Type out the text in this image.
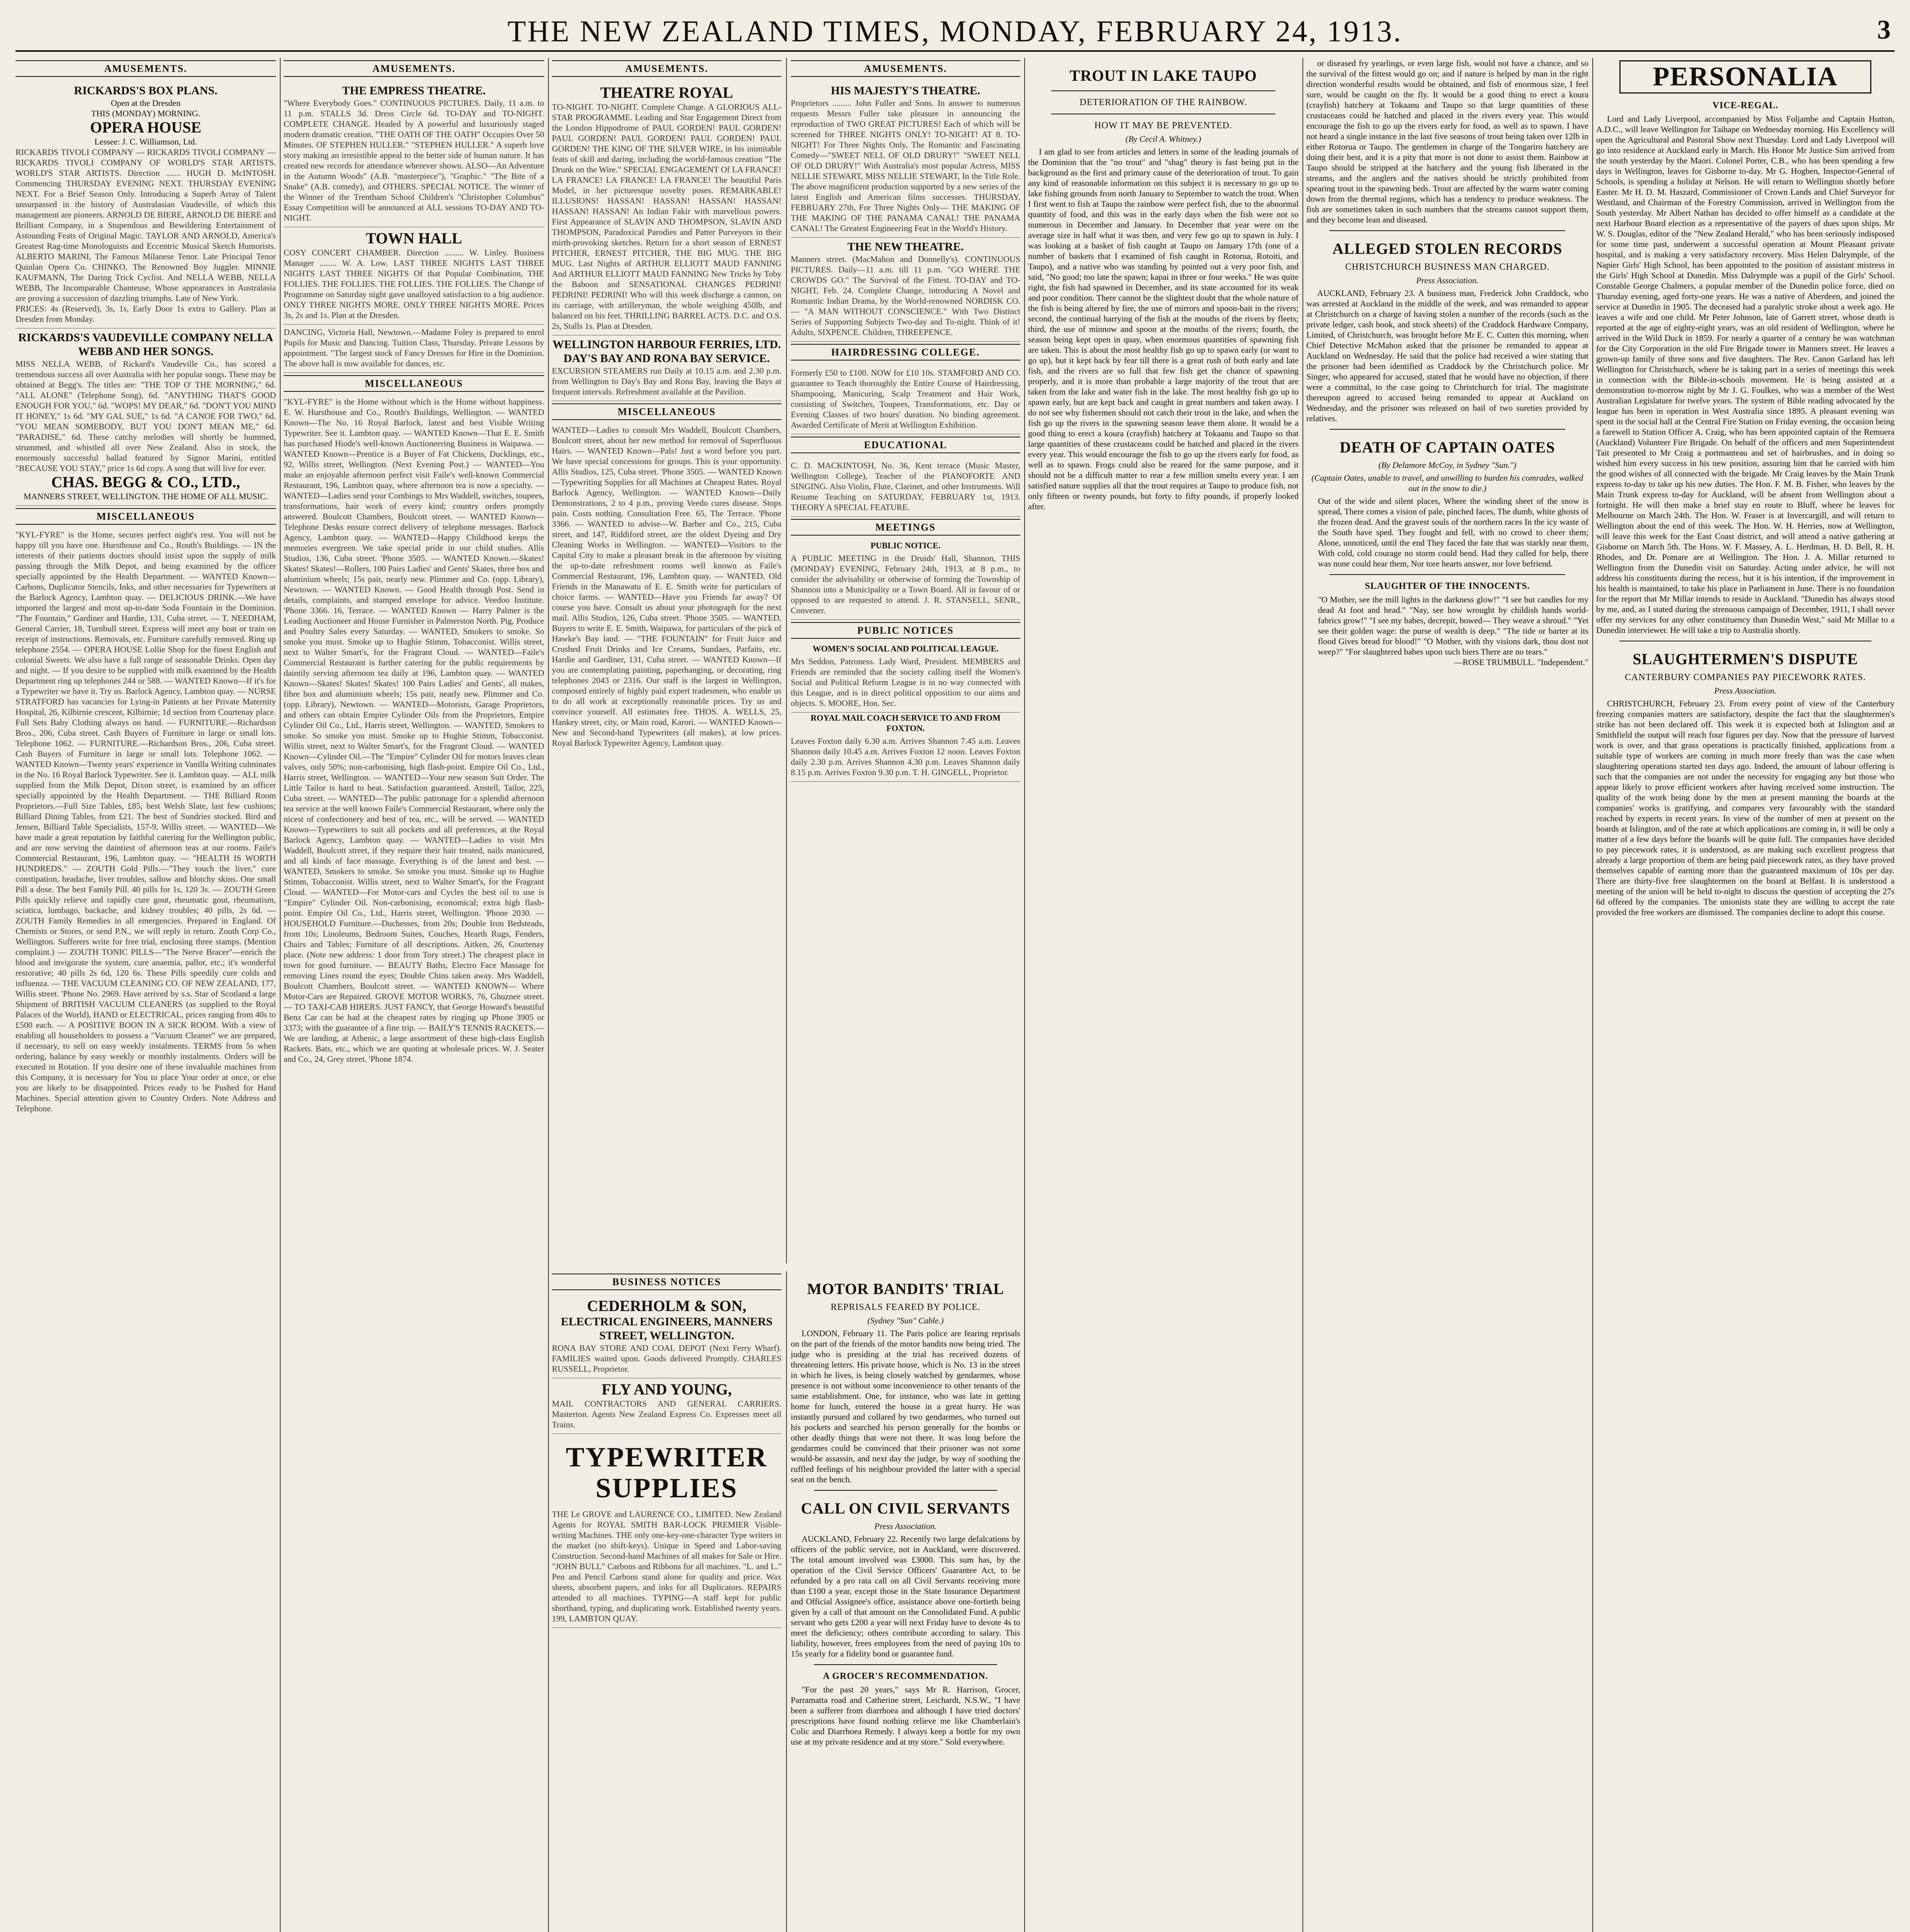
THE NEW ZEALAND TIMES, MONDAY, FEBRUARY 24, 1913.	3
AMUSEMENTS.
RICKARDS'S BOX PLANS.
Open at the Dresden
THIS (MONDAY) MORNING.
OPERA HOUSE
Lessee: J. C. Williamson, Ltd.
RICKARDS TIVOLI COMPANY — RICKARDS TIVOLI COMPANY — RICKARDS TIVOLI COMPANY OF WORLD'S STAR ARTISTS. WORLD'S STAR ARTISTS. Direction ....... HUGH D. McINTOSH. Commencing THURSDAY EVENING NEXT. THURSDAY EVENING NEXT. For a Brief Season Only. Introducing a Superb Array of Talent unsurpassed in the history of Australasian Vaudeville, of which this management are pioneers. ARNOLD DE BIERE, ARNOLD DE BIERE and Brilliant Company, in a Stupendous and Bewildering Entertainment of Astounding Feats of Original Magic. TAYLOR AND ARNOLD, America's Greatest Rag-time Monologuists and Eccentric Musical Sketch Humorists. ALBERTO MARINI, The Famous Milanese Tenor. Late Principal Tenor Quinlan Opera Co. CHINKO, The Renowned Boy Juggler. MINNIE KAUFMANN, The Daring Trick Cyclist. And NELLA WEBB, NELLA WEBB, The Incomparable Chanteuse, Whose appearances in Australasia are proving a succession of dazzling triumphs. Late of New York.
PRICES: 4s (Reserved), 3s, 1s, Early Door 1s extra to Gallery. Plan at Dresden from Monday.
RICKARDS'S VAUDEVILLE COMPANY NELLA WEBB AND HER SONGS.
MISS NELLA WEBB, of Rickard's Vaudeville Co., has scored a tremendous success all over Australia with her popular songs. These may be obtained at Begg's. The titles are: "THE TOP O' THE MORNING," 6d. "ALL ALONE" (Telephone Song), 6d. "ANYTHING THAT'S GOOD ENOUGH FOR YOU," 6d. "WOPS! MY DEAR," 6d. "DON'T YOU MIND IT HONEY," 1s 6d. "MY GAL SUE," 1s 6d. "A CANOE FOR TWO," 6d. "YOU MEAN SOMEBODY, BUT YOU DON'T MEAN ME," 6d. "PARADISE," 6d. These catchy melodies will shortly be hummed, strummed, and whistled all over New Zealand. Also in stock, the enormously successful ballad featured by Signor Marini, entitled "BECAUSE YOU STAY," price 1s 6d copy. A song that will live for ever.
CHAS. BEGG & CO., LTD.,
MANNERS STREET, WELLINGTON. THE HOME OF ALL MUSIC.
MISCELLANEOUS
"KYL-FYRE" is the Home, secures perfect night's rest. You will not be happy till you have one. Hursthouse and Co., Routh's Buildings. — IN the interests of their patients doctors should insist upon the supply of milk passing through the Milk Depot, and being examined by the officer specially appointed by the Health Department. — WANTED Known—Carbons, Duplicator Stencils, Inks, and other necessaries for Typewriters at the Barlock Agency, Lambton quay. — DELICIOUS DRINK.—We have imported the largest and most up-to-date Soda Fountain in the Dominion. "The Fountain," Gardiner and Hardie, 131, Cuba street. — T. NEEDHAM, General Carrier, 18, Turnbull street. Express will meet any boat or train on receipt of instructions. Removals, etc. Furniture carefully removed. Ring up telephone 2554. — OPERA HOUSE Lollie Shop for the finest English and colonial Sweets. We also have a full range of seasonable Drinks. Open day and night. — If you desire to be supplied with milk examined by the Health Department ring up telephones 244 or 588. — WANTED Known—If it's for a Typewriter we have it. Try us. Barlock Agency, Lambton quay. — NURSE STRATFORD has vacancies for Lying-in Patients at her Private Maternity Hospital, 26, Kilbirnie crescent, Kilbirnie; 1d section from Courtenay place. Full Sets Baby Clothing always on hand. — FURNITURE.—Richardson Bros., 206, Cuba street. Cash Buyers of Furniture in large or small lots. Telephone 1062. — FURNITURE.—Richardson Bros., 206, Cuba street. Cash Buyers of Furniture in large or small lots. Telephone 1062. — WANTED Known—Twenty years' experience in Vanilla Writing culminates in the No. 16 Royal Barlock Typewriter. See it. Lambton quay. — ALL milk supplied from the Milk Depot, Dixon street, is examined by an officer specially appointed by the Health Department. — THE Billiard Room Proprietors.—Full Size Tables, £85, best Welsh Slate, last few cushions; Billiard Dining Tables, from £21. The best of Sundries stocked. Bird and Jensen, Billiard Table Specialists, 157-9, Willis street. — WANTED—We have made a great reputation by faithful catering for the Wellington public, and are now serving the daintiest of afternoon teas at our rooms. Faile's Commercial Restaurant, 196, Lambton quay. — "HEALTH IS WORTH HUNDREDS." — ZOUTH Gold Pills.—"They touch the liver," cure constipation, headache, liver troubles, sallow and blotchy skins. One small Pill a dose. The best Family Pill. 40 pills for 1s, 120 3s. — ZOUTH Green Pills quickly relieve and rapidly cure gout, rheumatic gout, rheumatism, sciatica, lumbago, backache, and kidney troubles; 40 pills, 2s 6d. — ZOUTH Family Remedies in all emergencies. Prepared in England. Of Chemists or Stores, or send P.N., we will reply in return. Zouth Corp Co., Wellington. Sufferers write for free trial, enclosing three stamps. (Mention complaint.) — ZOUTH TONIC PILLS—"The Nerve Bracer"—enrich the blood and invigorate the system, cure anaemia, pallor, etc.; it's wonderful restorative; 40 pills 2s 6d, 120 6s. These Pills speedily cure colds and influenza. — THE VACUUM CLEANING CO. OF NEW ZEALAND, 177, Willis street. 'Phone No. 2969. Have arrived by s.s. Star of Scotland a large Shipment of BRITISH VACUUM CLEANERS (as supplied to the Royal Palaces of the World), HAND or ELECTRICAL, prices ranging from 40s to £500 each. — A POSITIVE BOON IN A SICK ROOM. With a view of enabling all householders to possess a "Vacuum Cleaner" we are prepared, if necessary, to sell on easy weekly instalments. TERMS from 5s when ordering, balance by easy weekly or monthly instalments. Orders will be executed in Rotation. If you desire one of these invaluable machines from this Company, it is necessary for You to place Your order at once, or else you are likely to be disappointed. Prices ready to be Pushed for Hand Machines. Special attention given to Country Orders. Note Address and Telephone.
AMUSEMENTS.
THE EMPRESS THEATRE.
"Where Everybody Goes." CONTINUOUS PICTURES. Daily, 11 a.m. to 11 p.m. STALLS 3d. Dress Circle 6d. TO-DAY and TO-NIGHT. COMPLETE CHANGE. Headed by A powerful and luxuriously staged modern dramatic creation. "THE OATH OF THE OATH" Occupies Over 50 Minutes. OF STEPHEN HULLER." "STEPHEN HULLER." A superb love story making an irresistible appeal to the better side of human nature. It has created new records for attendance wherever shown. ALSO—An Adventure in the Autumn Woods" (A.B. "masterpiece"), "Graphic." "The Bite of a Snake" (A.B. comedy), and OTHERS. SPECIAL NOTICE. The winner of the Winner of the Trentham School Children's "Christopher Columbus" Essay Competition will be announced at ALL sessions TO-DAY AND TO-NIGHT.
TOWN HALL
COSY CONCERT CHAMBER. Direction ......... W. Linley. Business Manager ........ W. A. Low. LAST THREE NIGHTS LAST THREE NIGHTS LAST THREE NIGHTS Of that Popular Combination, THE FOLLIES. THE FOLLIES. THE FOLLIES. THE FOLLIES. The Change of Programme on Saturday night gave unalloyed satisfaction to a big audience. ONLY THREE NIGHTS MORE. ONLY THREE NIGHTS MORE. Prices 3s, 2s and 1s. Plan at the Dresden.
DANCING, Victoria Hall, Newtown.—Madame Foley is prepared to enrol Pupils for Music and Dancing. Tuition Class, Thursday. Private Lessons by appointment. "The largest stock of Fancy Dresses for Hire in the Dominion. The above hall is now available for dances, etc.
MISCELLANEOUS
"KYL-FYRE" is the Home without which is the Home without happiness. E. W. Hursthouse and Co., Routh's Buildings, Wellington. — WANTED Known—The No. 16 Royal Barlock, latest and best Visible Writing Typewriter. See it. Lambton quay. — WANTED Known—That E. E. Smith has purchased Hiode's well-known Auctioneering Business in Waipawa. — WANTED Known—Prentice is a Buyer of Fat Chickens, Ducklings, etc., 92, Willis street, Wellington. (Next Evening Post.) — WANTED—You make an enjoyable afternoon perfect visit Faile's well-known Commercial Restaurant, 196, Lambton quay, where afternoon tea is now a specialty. — WANTED—Ladies send your Combings to Mrs Waddell, switches, toupees, transformations, hair work of every kind; country orders promptly answered. Boulcott Chambers, Boulcott street. — WANTED Known—Telephone Desks ensure correct delivery of telephone messages. Barlock Agency, Lambton quay. — WANTED—Happy Childhood keeps the memories evergreen. We take special pride in our child studies. Allis Studios, 136, Cuba street. 'Phone 3505. — WANTED Known.—Skates! Skates! Skates!—Rollers, 100 Pairs Ladies' and Gents' Skates, three box and aluminium wheels; 15s pair, nearly new. Plimmer and Co. (opp. Library), Newtown. — WANTED Known. — Good Health through Post. Send in details, complaints, and stamped envelope for advice. Veedoo Institute. 'Phone 3366. 16, Terrace. — WANTED Known — Harry Palmer is the Leading Auctioneer and House Furnisher in Palmerston North. Pig, Produce and Poultry Sales every Saturday. — WANTED, Smokers to smoke. So smoke you must. Smoke up to Hughie Stimm, Tobacconist. Willis street, next to Walter Smart's, for the Fragrant Cloud. — WANTED—Faile's Commercial Restaurant is further catering for the public requirements by daintily serving afternoon tea daily at 196, Lambton quay. — WANTED Known—Skates! Skates! Skates! 100 Pairs Ladies' and Gents', all makes, fibre box and aluminium wheels; 15s pair, nearly new. Plimmer and Co. (opp. Library), Newtown. — WANTED—Motorists, Garage Proprietors, and others can obtain Empire Cylinder Oils from the Proprietors, Empire Cylinder Oil Co., Ltd., Harris street, Wellington. — WANTED, Smokers to smoke. So smoke you must. Smoke up to Hughie Stimm, Tobacconist. Willis street, next to Walter Smart's, for the Fragrant Cloud. — WANTED Known—Cylinder Oil.—The "Empire" Cylinder Oil for motors leaves clean valves, only 50%; non-carbonising, high flash-point. Empire Oil Co., Ltd., Harris street, Wellington. — WANTED—Your new season Suit Order. The Little Tailor is hard to beat. Satisfaction guaranteed. Anstell, Tailor, 225, Cuba street. — WANTED—The public patronage for a splendid afternoon tea service at the well known Faile's Commercial Restaurant, where only the nicest of confectionery and best of tea, etc., will be served. — WANTED Known—Typewriters to suit all pockets and all preferences, at the Royal Barlock Agency, Lambton quay. — WANTED—Ladies to visit Mrs Waddell, Boulcott street, if they require their hair treated, nails manicured, and all kinds of face massage. Everything is of the latest and best. — WANTED, Smokers to smoke. So smoke you must. Smoke up to Hughie Stimm, Tobacconist. Willis street, next to Walter Smart's, for the Fragrant Cloud. — WANTED—For Motor-cars and Cycles the best oil to use is "Empire" Cylinder Oil. Non-carbonising, economical; extra high flash-point. Empire Oil Co., Ltd., Harris street, Wellington. 'Phone 2030. — HOUSEHOLD Furniture.—Duchesses, from 20s; Double Iron Bedsteads, from 10s; Linoleums, Bedroom Suites, Couches, Hearth Rugs, Fenders, Chairs and Tables; Furniture of all descriptions. Aitken, 26, Courtenay place. (Note new address: 1 door from Tory street.) The cheapest place in town for good furniture. — BEAUTY Baths, Electro Face Massage for removing Lines round the eyes; Double Chins taken away. Mrs Waddell, Boulcott Chambers, Boulcott street. — WANTED KNOWN— Where Motor-Cars are Repaired. GROVE MOTOR WORKS, 76, Ghuznee street. — TO TAXI-CAB HIRERS. JUST FANCY, that George Howard's beautiful Benz Car can be had at the cheapest rates by ringing up Phone 3905 or 3373; with the guarantee of a fine trip. — BAILY'S TENNIS RACKETS.—We are landing, at Athenic, a large assortment of these high-class English Rackets. Bats, etc., which we are quoting at wholesale prices. W. J. Seater and Co., 24, Grey street. 'Phone 1874.
AMUSEMENTS.
THEATRE ROYAL
TO-NIGHT. TO-NIGHT. Complete Change. A GLORIOUS ALL-STAR PROGRAMME. Leading and Star Engagement Direct from the London Hippodrome of PAUL GORDEN! PAUL GORDEN! PAUL GORDEN! PAUL GORDEN! PAUL GORDEN! PAUL GORDEN! THE KING OF THE SILVER WIRE, in his inimitable feats of skill and daring, including the world-famous creation "The Drunk on the Wire." SPECIAL ENGAGEMENT Of LA FRANCE! LA FRANCE! LA FRANCE! LA FRANCE! The beautiful Paris Model, in her picturesque novelty poses. REMARKABLE! ILLUSIONS! HASSAN! HASSAN! HASSAN! HASSAN! HASSAN! HASSAN! An Indian Fakir with marvellous powers. First Appearance of SLAVIN AND THOMPSON, SLAVIN AND THOMPSON, Paradoxical Parodies and Patter Purveyors in their mirth-provoking sketches. Return for a short season of ERNEST PITCHER, ERNEST PITCHER, THE BIG MUG. THE BIG MUG. Last Nights of ARTHUR ELLIOTT MAUD FANNING And ARTHUR ELLIOTT MAUD FANNING New Tricks by Toby the Baboon and SENSATIONAL CHANGES PEDRINI! PEDRINI! PEDRINI! Who will this week discharge a cannon, on its carriage, with artilleryman, the whole weighing 450lb, and balanced on his feet. THRILLING BARREL ACTS. D.C. and O.S. 2s, Stalls 1s. Plan at Dresden.
WELLINGTON HARBOUR FERRIES, LTD.
DAY'S BAY AND RONA BAY SERVICE.
EXCURSION STEAMERS run Daily at 10.15 a.m. and 2.30 p.m. from Wellington to Day's Bay and Rona Bay, leaving the Bays at frequent intervals. Refreshment available at the Pavilion.
MISCELLANEOUS
WANTED—Ladies to consult Mrs Waddell, Boulcott Chambers, Boulcott street, about her new method for removal of Superfluous Hairs. — WANTED Known—Pals! Just a word before you part. We have special concessions for groups. This is your opportunity. Allis Studios, 125, Cuba street. 'Phone 3505. — WANTED Known—Typewriting Supplies for all Machines at Cheapest Rates. Royal Barlock Agency, Wellington. — WANTED Known—Daily Demonstrations, 2 to 4 p.m., proving Veedo cures disease. Stops pain. Costs nothing. Consultation Free. 65, The Terrace. 'Phone 3366. — WANTED to advise—W. Barber and Co., 215, Cuba street, and 147, Riddiford street, are the oldest Dyeing and Dry Cleaning Works in Wellington. — WANTED—Visitors to the Capital City to make a pleasant break in the afternoon by visiting the up-to-date refreshment rooms well known as Faile's Commercial Restaurant, 196, Lambton quay. — WANTED, Old Friends in the Manawatu of E. E. Smith write for particulars of choice farms. — WANTED—Have you Friends far away? Of course you have. Consult us about your photograph for the next mail. Allis Studios, 126, Cuba street. 'Phone 3505. — WANTED, Buyers to write E. E. Smith, Waipawa, for particulars of the pick of Hawke's Bay land. — "THE FOUNTAIN" for Fruit Juice and Crushed Fruit Drinks and Ice Creams, Sundaes, Parfaits, etc. Hardie and Gardiner, 131, Cuba street. — WANTED Known—If you are contemplating painting, paperhanging, or decorating, ring telephones 2043 or 2316. Our staff is the largest in Wellington, composed entirely of highly paid expert tradesmen, who enable us to do all work at exceptionally reasonable prices. Try us and convince yourself. All estimates free. THOS. A. WELLS, 25, Hankey street, city, or Main road, Karori. — WANTED Known—New and Second-hand Typewriters (all makes), at low prices. Royal Barlock Typewriter Agency, Lambton quay.
AMUSEMENTS.
HIS MAJESTY'S THEATRE.
Proprietors ......... John Fuller and Sons. In answer to numerous requests Messrs Fuller take pleasure in announcing the reproduction of TWO GREAT PICTURES! Each of which will be screened for THREE NIGHTS ONLY! TO-NIGHT! AT 8. TO-NIGHT! For Three Nights Only, The Romantic and Fascinating Comedy—"SWEET NELL OF OLD DRURY!" "SWEET NELL OF OLD DRURY!" With Australia's most popular Actress, MISS NELLIE STEWART, MISS NELLIE STEWART, In the Title Role. The above magnificent production supported by a new series of the latest English and American films successes. THURSDAY, FEBRUARY 27th, For Three Nights Only— THE MAKING OF THE MAKING OF THE PANAMA CANAL! THE PANAMA CANAL! The Greatest Engineering Feat in the World's History.
THE NEW THEATRE.
Manners street. (MacMahon and Donnelly's). CONTINUOUS PICTURES. Daily—11 a.m. till 11 p.m. "GO WHERE THE CROWDS GO." The Survival of the Fittest. TO-DAY and TO-NIGHT, Feb. 24. Complete Change, introducing A Novel and Romantic Indian Drama, by the World-renowned NORDISK CO.— "A MAN WITHOUT CONSCIENCE." With Two Distinct Series of Supporting Subjects Two-day and To-night. Think of it! Adults, SIXPENCE. Children, THREEPENCE.
HAIRDRESSING COLLEGE.
Formerly £50 to £100. NOW for £10 10s. STAMFORD AND CO. guarantee to Teach thoroughly the Entire Course of Hairdressing, Shampooing, Manicuring, Scalp Treatment and Hair Work, consisting of Switches, Toupees, Transformations, etc. Day or Evening Classes of two hours' duration. No binding agreement. Awarded Certificate of Merit at Wellington Exhibition.
EDUCATIONAL
C. D. MACKINTOSH, No. 36, Kent terrace (Music Master, Wellington College), Teacher of the PIANOFORTE AND SINGING. Also Violin, Flute, Clarinet, and other Instruments. Will Resume Teaching on SATURDAY, FEBRUARY 1st, 1913. THEORY A SPECIAL FEATURE.
MEETINGS
PUBLIC NOTICE.
A PUBLIC MEETING in the Druids' Hall, Shannon, THIS (MONDAY) EVENING, February 24th, 1913, at 8 p.m., to consider the advisability or otherwise of forming the Township of Shannon into a Municipality or a Town Board. All in favour of or opposed to are requested to attend. J. R. STANSELL, SENR., Convener.
PUBLIC NOTICES
WOMEN'S SOCIAL AND POLITICAL LEAGUE.
Mrs Seddon, Patroness. Lady Ward, President. MEMBERS and Friends are reminded that the society calling itself the Women's Social and Political Reform League is in no way connected with this League, and is in direct political opposition to our aims and objects. S. MOORE, Hon. Sec.
ROYAL MAIL COACH SERVICE TO AND FROM FOXTON.
Leaves Foxton daily 6.30 a.m. Arrives Shannon 7.45 a.m. Leaves Shannon daily 10.45 a.m. Arrives Foxton 12 noon. Leaves Foxton daily 2.30 p.m. Arrives Shannon 4.30 p.m. Leaves Shannon daily 8.15 p.m. Arrives Foxton 9.30 p.m. T. H. GINGELL, Proprietor.
BUSINESS NOTICES
CEDERHOLM & SON,
ELECTRICAL ENGINEERS, MANNERS STREET, WELLINGTON.
RONA BAY STORE AND COAL DEPOT (Next Ferry Wharf). FAMILIES waited upon. Goods delivered Promptly. CHARLES RUSSELL, Proprietor.
FLY AND YOUNG,
MAIL CONTRACTORS AND GENERAL CARRIERS. Masterton. Agents New Zealand Express Co. Expresses meet all Trains.
TYPEWRITER SUPPLIES
THE Le GROVE and LAURENCE CO., LIMITED. New Zealand Agents for ROYAL SMITH BAR-LOCK PREMIER Visible-writing Machines. THE only one-key-one-character Type writers in the market (no shift-keys). Unique in Speed and Labor-saving Construction. Second-hand Machines of all makes for Sale or Hire. "JOHN BULL" Carbons and Ribbons for all machines. "L. and L." Pen and Pencil Carbons stand alone for quality and price. Wax sheets, absorbent papers, and inks for all Duplicators. REPAIRS attended to all machines. TYPING—A staff kept for public shorthand, typing, and duplicating work. Established twenty years. 199, LAMBTON QUAY.
MOTOR BANDITS' TRIAL
REPRISALS FEARED BY POLICE.
(Sydney "Sun" Cable.)

LONDON, February 11. The Paris police are fearing reprisals on the part of the friends of the motor bandits now being tried. The judge who is presiding at the trial has received dozens of threatening letters. His private house, which is No. 13 in the street in which he lives, is being closely watched by gendarmes, whose presence is not without some inconvenience to other tenants of the same establishment. One, for instance, who was late in getting home for lunch, entered the house in a great hurry. He was instantly pursued and collared by two gendarmes, who turned out his pockets and searched his person generally for the bombs or other deadly things that were not there. It was long before the gendarmes could be convinced that their prisoner was not some would-be assassin, and next day the judge, by way of soothing the ruffled feelings of his neighbour provided the latter with a special seat on the bench.

CALL ON CIVIL SERVANTS
Press Association.

AUCKLAND, February 22. Recently two large defalcations by officers of the public service, not in Auckland, were discovered. The total amount involved was £3000. This sum has, by the operation of the Civil Service Officers' Guarantee Act, to be refunded by a pro rata call on all Civil Servants receiving more than £100 a year, except those in the State Insurance Department and Official Assignee's office, assistance above one-fortieth being given by a call of that amount on the Consolidated Fund. A public servant who gets £200 a year will next Friday have to devote 4s to meet the deficiency; others contribute according to salary. This liability, however, frees employees from the need of paying 10s to 15s yearly for a fidelity bond or guarantee fund.

A GROCER'S RECOMMENDATION.

"For the past 20 years," says Mr R. Harrison, Grocer, Parramatta road and Catherine street, Leichardt, N.S.W., "I have been a sufferer from diarrhoea and although I have tried doctors' prescriptions have found nothing relieve me like Chamberlain's Colic and Diarrhoea Remedy. I always keep a bottle for my own use at my private residence and at my store." Sold everywhere.

TROUT IN LAKE TAUPO
DETERIORATION OF THE RAINBOW.
HOW IT MAY BE PREVENTED.
(By Cecil A. Whitney.)

I am glad to see from articles and letters in some of the leading journals of the Dominion that the "no trout" and "shag" theory is fast being put in the background as the first and primary cause of the deterioration of trout. To gain any kind of reasonable information on this subject it is necessary to go up to lake fishing grounds from north January to September to watch the trout. When I first went to fish at Taupo the rainbow were perfect fish, due to the abnormal quantity of food, and this was in the early days when the fish were not so numerous in December and January. In December that year were on the average size in half what it was then, and very few go up to spawn in July. I was looking at a basket of fish caught at Taupo on January 17th (one of a number of baskets that I examined of fish caught in Rotorua, Rotoiti, and Taupo), and a native who was standing by pointed out a very poor fish, and said, "No good; too late the spawn; kapai in three or four weeks." He was quite right, the fish had spawned in December, and its state accounted for its weak and poor condition. There cannot be the slightest doubt that the whole nature of the fish is being altered by fire, the use of mirrors and spoon-bait in the rivers; second, the continual harrying of the fish at the mouths of the rivers by fleets; third, the use of minnow and spoon at the mouths of the rivers; fourth, the season being kept open in quay, when enormous quantities of spawning fish are taken. This is about the most healthy fish go up to spawn early (or want to go up), but it kept back by fear till there is a great rush of both early and late fish, and the rivers are so full that few fish get the chance of spawning properly, and it is more than probable a large majority of the trout that are taken from the lake and water fish in the lake. The most healthy fish go up to spawn early, but are kept back and caught in great numbers and taken away. I do not see why fishermen should not catch their trout in the lake, and when the fish go up the rivers in the spawning season leave them alone. It would be a good thing to erect a koura (crayfish) hatchery at Tokaanu and Taupo so that large quantities of these crustaceans could be hatched and placed in the rivers every year. This would encourage the fish to go up the rivers early for food, as well as to spawn. Frogs could also be reared for the same purpose, and it should not be a difficult matter to rear a few million smelts every year. I am satisfied nature supplies all that the trout requires at Taupo to produce fish, not only fifteen or twenty pounds, but forty to fifty pounds, if properly looked after.

or diseased fry yearlings, or even large fish, would not have a chance, and so the survival of the fittest would go on; and if nature is helped by man in the right direction wonderful results would be obtained, and fish of enormous size, I feel sure, would be caught on the fly. It would be a good thing to erect a koura (crayfish) hatchery at Tokaanu and Taupo so that large quantities of these crustaceans could be hatched and placed in the rivers every year. This would encourage the fish to go up the rivers early for food, as well as to spawn. I have not heard a single instance in the last five seasons of trout being taken over 12lb in either Rotorua or Taupo. The gentlemen in charge of the Tongariro hatchery are doing their best, and it is a pity that more is not done to assist them. Rainbow at Taupo should be stripped at the hatchery and the young fish liberated in the streams, and the anglers and the natives should be strictly prohibited from spearing trout in the spawning beds. Trout are affected by the warm water coming down from the thermal regions, which has a tendency to produce weakness. The fish are sometimes taken in such numbers that the streams cannot support them, and they become lean and diseased.

ALLEGED STOLEN RECORDS
CHRISTCHURCH BUSINESS MAN CHARGED.
Press Association.

AUCKLAND, February 23. A business man, Frederick John Craddock, who was arrested at Auckland in the middle of the week, and was remanded to appear at Christchurch on a charge of having stolen a number of the records (such as the private ledger, cash book, and stock sheets) of the Craddock Hardware Company, Limited, of Christchurch, was brought before Mr E. C. Cutten this morning, when Chief Detective McMahon asked that the prisoner be remanded to appear at Auckland on Wednesday. He said that the police had received a wire stating that the prisoner had been identified as Craddock by the Christchurch police. Mr Singer, who appeared for accused, stated that he would have no objection, if there were a committal, to the case going to Christchurch for trial. The magistrate thereupon agreed to accused being remanded to appear at Auckland on Wednesday, and the prisoner was released on bail of two sureties provided by relatives.

DEATH OF CAPTAIN OATES
(By Delamore McCoy, in Sydney "Sun.")
(Captain Oates, unable to travel, and unwilling to burden his comrades, walked out in the snow to die.)

Out of the wide and silent places, Where the winding sheet of the snow is spread, There comes a vision of pale, pinched faces, The dumb, white ghosts of the frozen dead. And the gravest souls of the northern races In the icy waste of the South have sped. They fought and fell, with no crowd to cheer them; Alone, unnoticed, until the end They faced the fate that was starkly near them, With cold, cold courage no storm could bend. Had they called for help, there was none could hear them, Nor tore hearts answer, nor love befriend.

SLAUGHTER OF THE INNOCENTS.

"O Mother, see the mill lights in the darkness glow!" "I see but candles for my dead At foot and head." "Nay, see how wrought by childish hands world-fabrics grow!" "I see my babes, decrepit, bowed— They weave a shroud." "Yet see their golden wage: the purse of wealth is deep." "The tide or barter at its flood Gives bread for blood!" "O Mother, with thy visions dark, thou dost not weep?" "For slaughtered babes upon such biers There are no tears."

—ROSE TRUMBULL. "Independent."
PERSONALIA
VICE-REGAL.

Lord and Lady Liverpool, accompanied by Miss Foljambe and Captain Hutton, A.D.C., will leave Wellington for Taihape on Wednesday morning. His Excellency will open the Agricultural and Pastoral Show next Thursday. Lord and Lady Liverpool will go into residence at Auckland early in March. His Honor Mr Justice Sim arrived from the south yesterday by the Maori. Colonel Porter, C.B., who has been spending a few days in Wellington, leaves for Gisborne to-day. Mr G. Hogben, Inspector-General of Schools, is spending a holiday at Nelson. He will return to Wellington shortly before Easter. Mr H. D. M. Haszard, Commissioner of Crown Lands and Chief Surveyor for Westland, and Chairman of the Forestry Commission, arrived in Wellington from the South yesterday. Mr Albert Nathan has decided to offer himself as a candidate at the next Harbour Board election as a representative of the payers of dues upon ships. Mr W. S. Douglas, editor of the "New Zealand Herald," who has been seriously indisposed for some time past, underwent a successful operation at Mount Pleasant private hospital, and is making a very satisfactory recovery. Miss Helen Dalrymple, of the Napier Girls' High School, has been appointed to the position of assistant mistress in the Girls' High School at Dunedin. Miss Dalrymple was a pupil of the Girls' School. Constable George Chalmers, a popular member of the Dunedin police force, died on Thursday evening, aged forty-one years. He was a native of Aberdeen, and joined the service at Dunedin in 1905. The deceased had a paralytic stroke about a week ago. He leaves a wife and one child. Mr Peter Johnson, late of Garrett street, whose death is reported at the age of eighty-eight years, was an old resident of Wellington, where he arrived in the Wild Duck in 1859. For nearly a quarter of a century he was watchman for the City Corporation in the old Fire Brigade tower in Manners street. He leaves a grown-up family of three sons and five daughters. The Rev. Canon Garland has left Wellington for Christchurch, where he is taking part in a series of meetings this week in connection with the Bible-in-schools movement. He is being assisted at a demonstration to-morrow night by Mr J. G. Foulkes, who was a member of the West Australian Legislature for twelve years. The system of Bible reading advocated by the league has been in operation in West Australia since 1895. A pleasant evening was spent in the social hall at the Central Fire Station on Friday evening, the occasion being a farewell to Station Officer A. Craig, who has been appointed captain of the Remuera (Auckland) Volunteer Fire Brigade. On behalf of the officers and men Superintendent Tait presented to Mr Craig a portmanteau and set of hairbrushes, and in doing so wished him every success in his new position, assuring him that he carried with him the good wishes of all connected with the brigade. Mr Craig leaves by the Main Trunk express to-day to take up his new duties. The Hon. F. M. B. Fisher, who leaves by the Main Trunk express to-day for Auckland, will be absent from Wellington about a fortnight. He will then make a brief stay en route to Bluff, where he leaves for Melbourne on March 24th. The Hon. W. Fraser is at Invercargill, and will return to Wellington about the end of this week. The Hon. W. H. Herries, now at Wellington, will leave this week for the East Coast district, and will attend a native gathering at Gisborne on March 5th. The Hons. W. F. Massey, A. L. Herdman, H. D. Bell, R. H. Rhodes, and Dr. Pomare are at Wellington. The Hon. J. A. Millar returned to Wellington from the Dunedin visit on Saturday. Acting under advice, he will not address his constituents during the recess, but it is his intention, if the improvement in his health is maintained, to take his place in Parliament in June. There is no foundation for the report that Mr Millar intends to reside in Auckland. "Dunedin has always stood by me, and, as I stated during the strenuous campaign of December, 1911, I shall never offer my services for any other constituency than Dunedin West," said Mr Millar to a Dunedin interviewer. He will take a trip to Australia shortly.

SLAUGHTERMEN'S DISPUTE
CANTERBURY COMPANIES PAY PIECEWORK RATES.
Press Association.

CHRISTCHURCH, February 23. From every point of view of the Canterbury freezing companies matters are satisfactory, despite the fact that the slaughtermen's strike has not been declared off. This week it is expected both at Islington and at Smithfield the output will reach four figures per day. Now that the pressure of harvest work is over, and that grass operations is practically finished, applications from a suitable type of workers are coming in much more freely than was the case when slaughtering operations started ten days ago. Indeed, the amount of labour offering is such that the companies are not under the necessity for engaging any but those who appear likely to prove efficient workers after having received some instruction. The quality of the work being done by the men at present manning the boards at the companies' works is gratifying, and compares very favourably with the standard reached by experts in recent years. In view of the number of men at present on the boards at Islington, and of the rate at which applications are coming in, it will be only a matter of a few days before the boards will be quite full. The companies have decided to pay piecework rates, it is understood, as are making such excellent progress that already a large proportion of them are being paid piecework rates, as they have proved themselves capable of earning more than the guaranteed maximum of 10s per day. There are thirty-five free slaughtermen on the board at Belfast. It is understood a meeting of the union will be held to-night to discuss the question of accepting the 27s 6d offered by the companies. The unionists state they are willing to accept the rate provided the free workers are dismissed. The companies decline to adopt this course.
